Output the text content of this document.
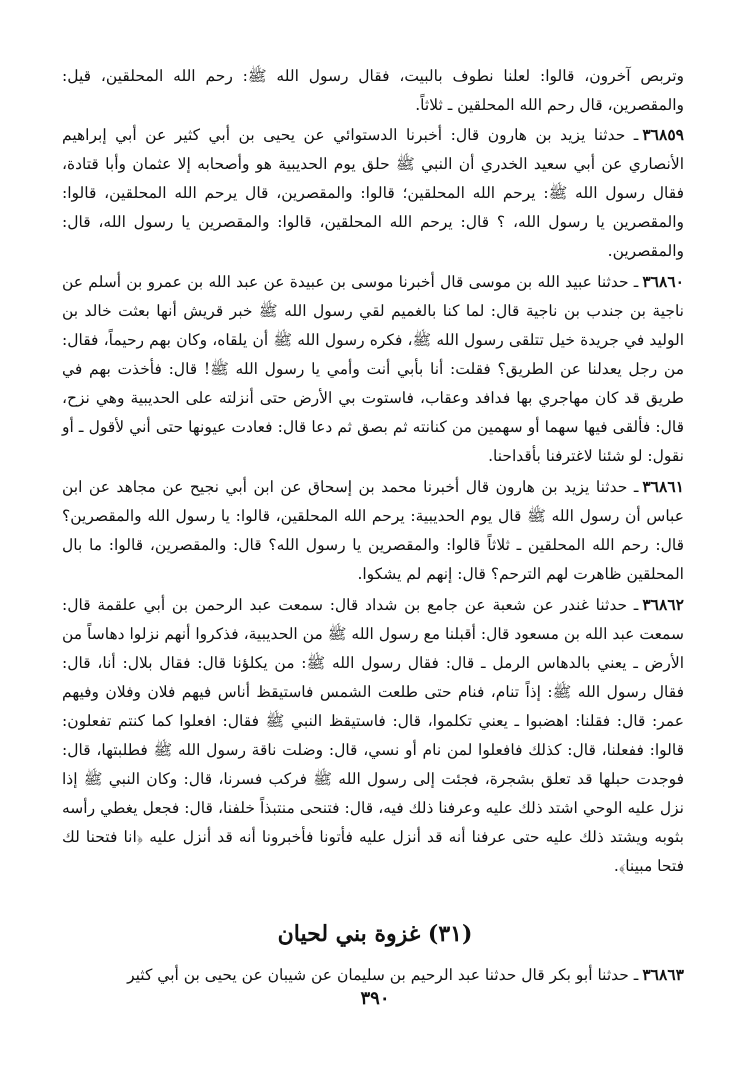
وتربص آخرون، قالوا: لعلنا نطوف بالبيت، فقال رسول الله ﷺ: رحم الله المحلقين، قيل: والمقصرين، قال رحم الله المحلقين ـ ثلاثاً.

٣٦٨٥٩ـ حدثنا يزيد بن هارون قال: أخبرنا الدستوائي عن يحيى بن أبي كثير عن أبي إبراهيم الأنصاري عن أبي سعيد الخدري أن النبي ﷺ حلق يوم الحديبية هو وأصحابه إلا عثمان وأبا قتادة، فقال رسول الله ﷺ: يرحم الله المحلقين؛ قالوا: والمقصرين، قال يرحم الله المحلقين، قالوا: والمقصرين يا رسول الله، ؟ قال: يرحم الله المحلقين، قالوا: والمقصرين يا رسول الله، قال: والمقصرين.

٣٦٨٦٠ـ حدثنا عبيد الله بن موسى قال أخبرنا موسى بن عبيدة عن عبد الله بن عمرو بن أسلم عن ناجية بن جندب بن ناجية قال: لما كنا بالغميم لقي رسول الله ﷺ خبر قريش أنها بعثت خالد بن الوليد في جريدة خيل تتلقى رسول الله ﷺ، فكره رسول الله ﷺ أن يلقاه، وكان بهم رحيماً، فقال: من رجل يعدلنا عن الطريق؟ فقلت: أنا بأبي أنت وأمي يا رسول الله ﷺ! قال: فأخذت بهم في طريق قد كان مهاجري بها فدافد وعقاب، فاستوت بي الأرض حتى أنزلته على الحديبية وهي نزح، قال: فألقى فيها سهما أو سهمين من كنانته ثم بصق ثم دعا قال: فعادت عيونها حتى أني لأقول ـ أو نقول: لو شئنا لاغترفنا بأقداحنا.

٣٦٨٦١ـ حدثنا يزيد بن هارون قال أخبرنا محمد بن إسحاق عن ابن أبي نجيح عن مجاهد عن ابن عباس أن رسول الله ﷺ قال يوم الحديبية: يرحم الله المحلقين، قالوا: يا رسول الله والمقصرين؟ قال: رحم الله المحلقين ـ ثلاثاً قالوا: والمقصرين يا رسول الله؟ قال: والمقصرين، قالوا: ما بال المحلقين ظاهرت لهم الترحم؟ قال: إنهم لم يشكوا.

٣٦٨٦٢ـ حدثنا غندر عن شعبة عن جامع بن شداد قال: سمعت عبد الرحمن بن أبي علقمة قال: سمعت عبد الله بن مسعود قال: أقبلنا مع رسول الله ﷺ من الحديبية، فذكروا أنهم نزلوا دهاساً من الأرض ـ يعني بالدهاس الرمل ـ قال: فقال رسول الله ﷺ: من يكلؤنا قال: فقال بلال: أنا، قال: فقال رسول الله ﷺ: إذاً تنام، فنام حتى طلعت الشمس فاستيقظ أناس فيهم فلان وفلان وفيهم عمر: قال: فقلنا: اهضبوا ـ يعني تكلموا، قال: فاستيقظ النبي ﷺ فقال: افعلوا كما كنتم تفعلون: قالوا: ففعلنا، قال: كذلك فافعلوا لمن نام أو نسي، قال: وضلت ناقة رسول الله ﷺ فطلبتها، قال: فوجدت حبلها قد تعلق بشجرة، فجئت إلى رسول الله ﷺ فركب فسرنا، قال: وكان النبي ﷺ إذا نزل عليه الوحي اشتد ذلك عليه وعرفنا ذلك فيه، قال: فتنحى منتبذاً خلفنا، قال: فجعل يغطي رأسه بثوبه ويشتد ذلك عليه حتى عرفنا أنه قد أنزل عليه فأتونا فأخبرونا أنه قد أنزل عليه ﴿انا فتحنا لك فتحا مبينا﴾.

(٣١) غزوة بني لحيان
٣٦٨٦٣ـ حدثنا أبو بكر قال حدثنا عبد الرحيم بن سليمان عن شيبان عن يحيى بن أبي كثير
٣٩٠
